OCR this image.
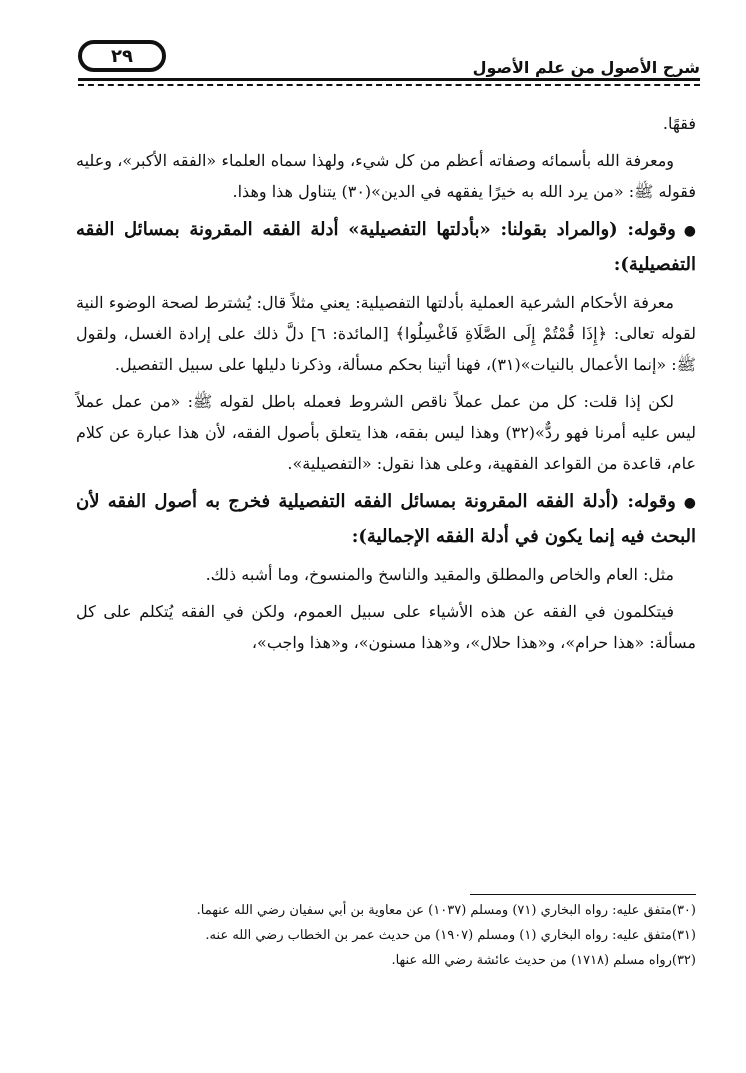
٢٩
شرح الأصول من علم الأصول

فقهًا.

ومعرفة الله بأسمائه وصفاته أعظم من كل شيء، ولهذا سماه العلماء «الفقه الأكبر»، وعليه فقوله ﷺ: «من يرد الله به خيرًا يفقهه في الدين»(٣٠) يتناول هذا وهذا.

●وقوله: (والمراد بقولنا: «بأدلتها التفصيلية» أدلة الفقه المقرونة بمسائل الفقه التفصيلية):

معرفة الأحكام الشرعية العملية بأدلتها التفصيلية: يعني مثلاً قال: يُشترط لصحة الوضوء النية لقوله تعالى: ﴿إِذَا قُمْتُمْ إِلَى الصَّلَاةِ فَاغْسِلُوا﴾ [المائدة: ٦] دلَّ ذلك على إرادة الغسل، ولقول ﷺ: «إنما الأعمال بالنيات»(٣١)، فهنا أتينا بحكم مسألة، وذكرنا دليلها على سبيل التفصيل.

لكن إذا قلت: كل من عمل عملاً ناقص الشروط فعمله باطل لقوله ﷺ: «من عمل عملاً ليس عليه أمرنا فهو ردٌّ»(٣٢) وهذا ليس بفقه، هذا يتعلق بأصول الفقه، لأن هذا عبارة عن كلام عام، قاعدة من القواعد الفقهية، وعلى هذا نقول: «التفصيلية».

●وقوله: (أدلة الفقه المقرونة بمسائل الفقه التفصيلية فخرج به أصول الفقه لأن البحث فيه إنما يكون في أدلة الفقه الإجمالية):

مثل: العام والخاص والمطلق والمقيد والناسخ والمنسوخ، وما أشبه ذلك.

فيتكلمون في الفقه عن هذه الأشياء على سبيل العموم، ولكن في الفقه يُتكلم على كل مسألة: «هذا حرام»، و«هذا حلال»، و«هذا مسنون»، و«هذا واجب»،

(٣٠)متفق عليه: رواه البخاري (٧١) ومسلم (١٠٣٧) عن معاوية بن أبي سفيان رضي الله عنهما.
(٣١)متفق عليه: رواه البخاري (١) ومسلم (١٩٠٧) من حديث عمر بن الخطاب رضي الله عنه.
(٣٢)رواه مسلم (١٧١٨) من حديث عائشة رضي الله عنها.
